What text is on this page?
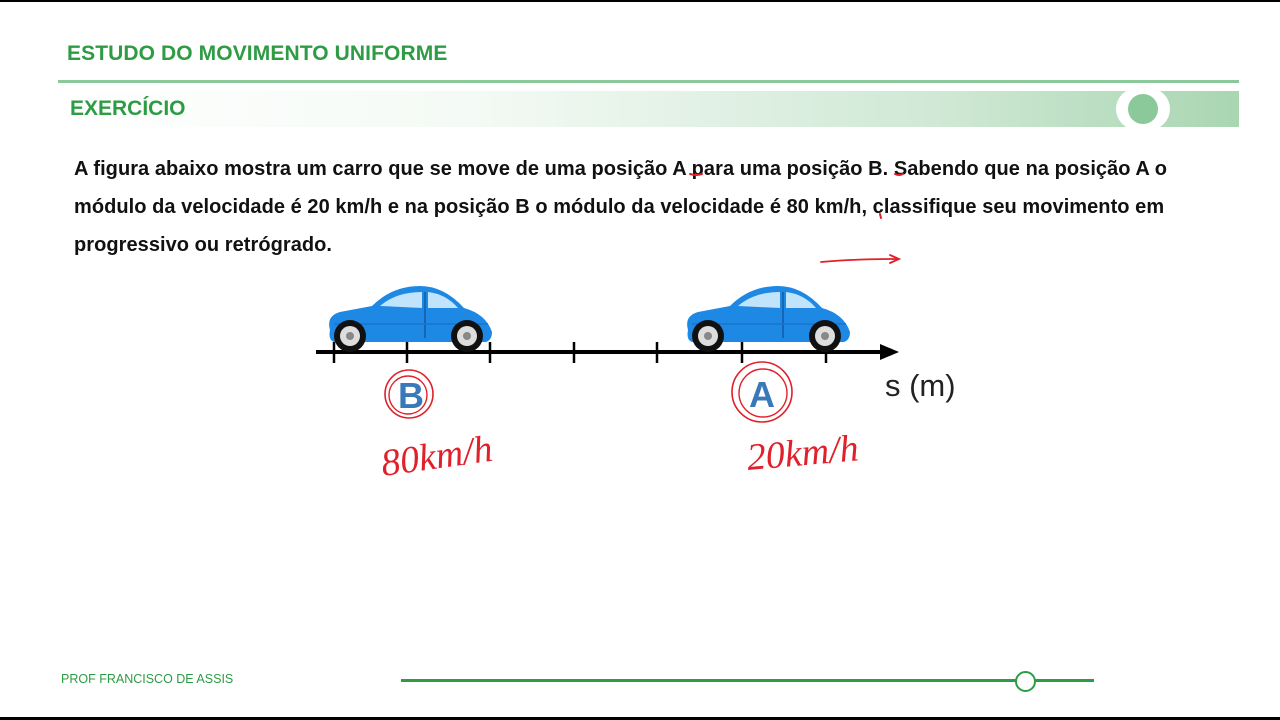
ESTUDO DO MOVIMENTO UNIFORME
EXERCÍCIO
A figura abaixo mostra um carro que se move de uma posição A para uma posição B. Sabendo que na posição A o
módulo da velocidade é 20 km/h e na posição B o módulo da velocidade é 80 km/h, classifique seu movimento em
progressivo ou retrógrado.
s (m)
B	A
80km/h	20km/h
PROF FRANCISCO DE ASSIS
